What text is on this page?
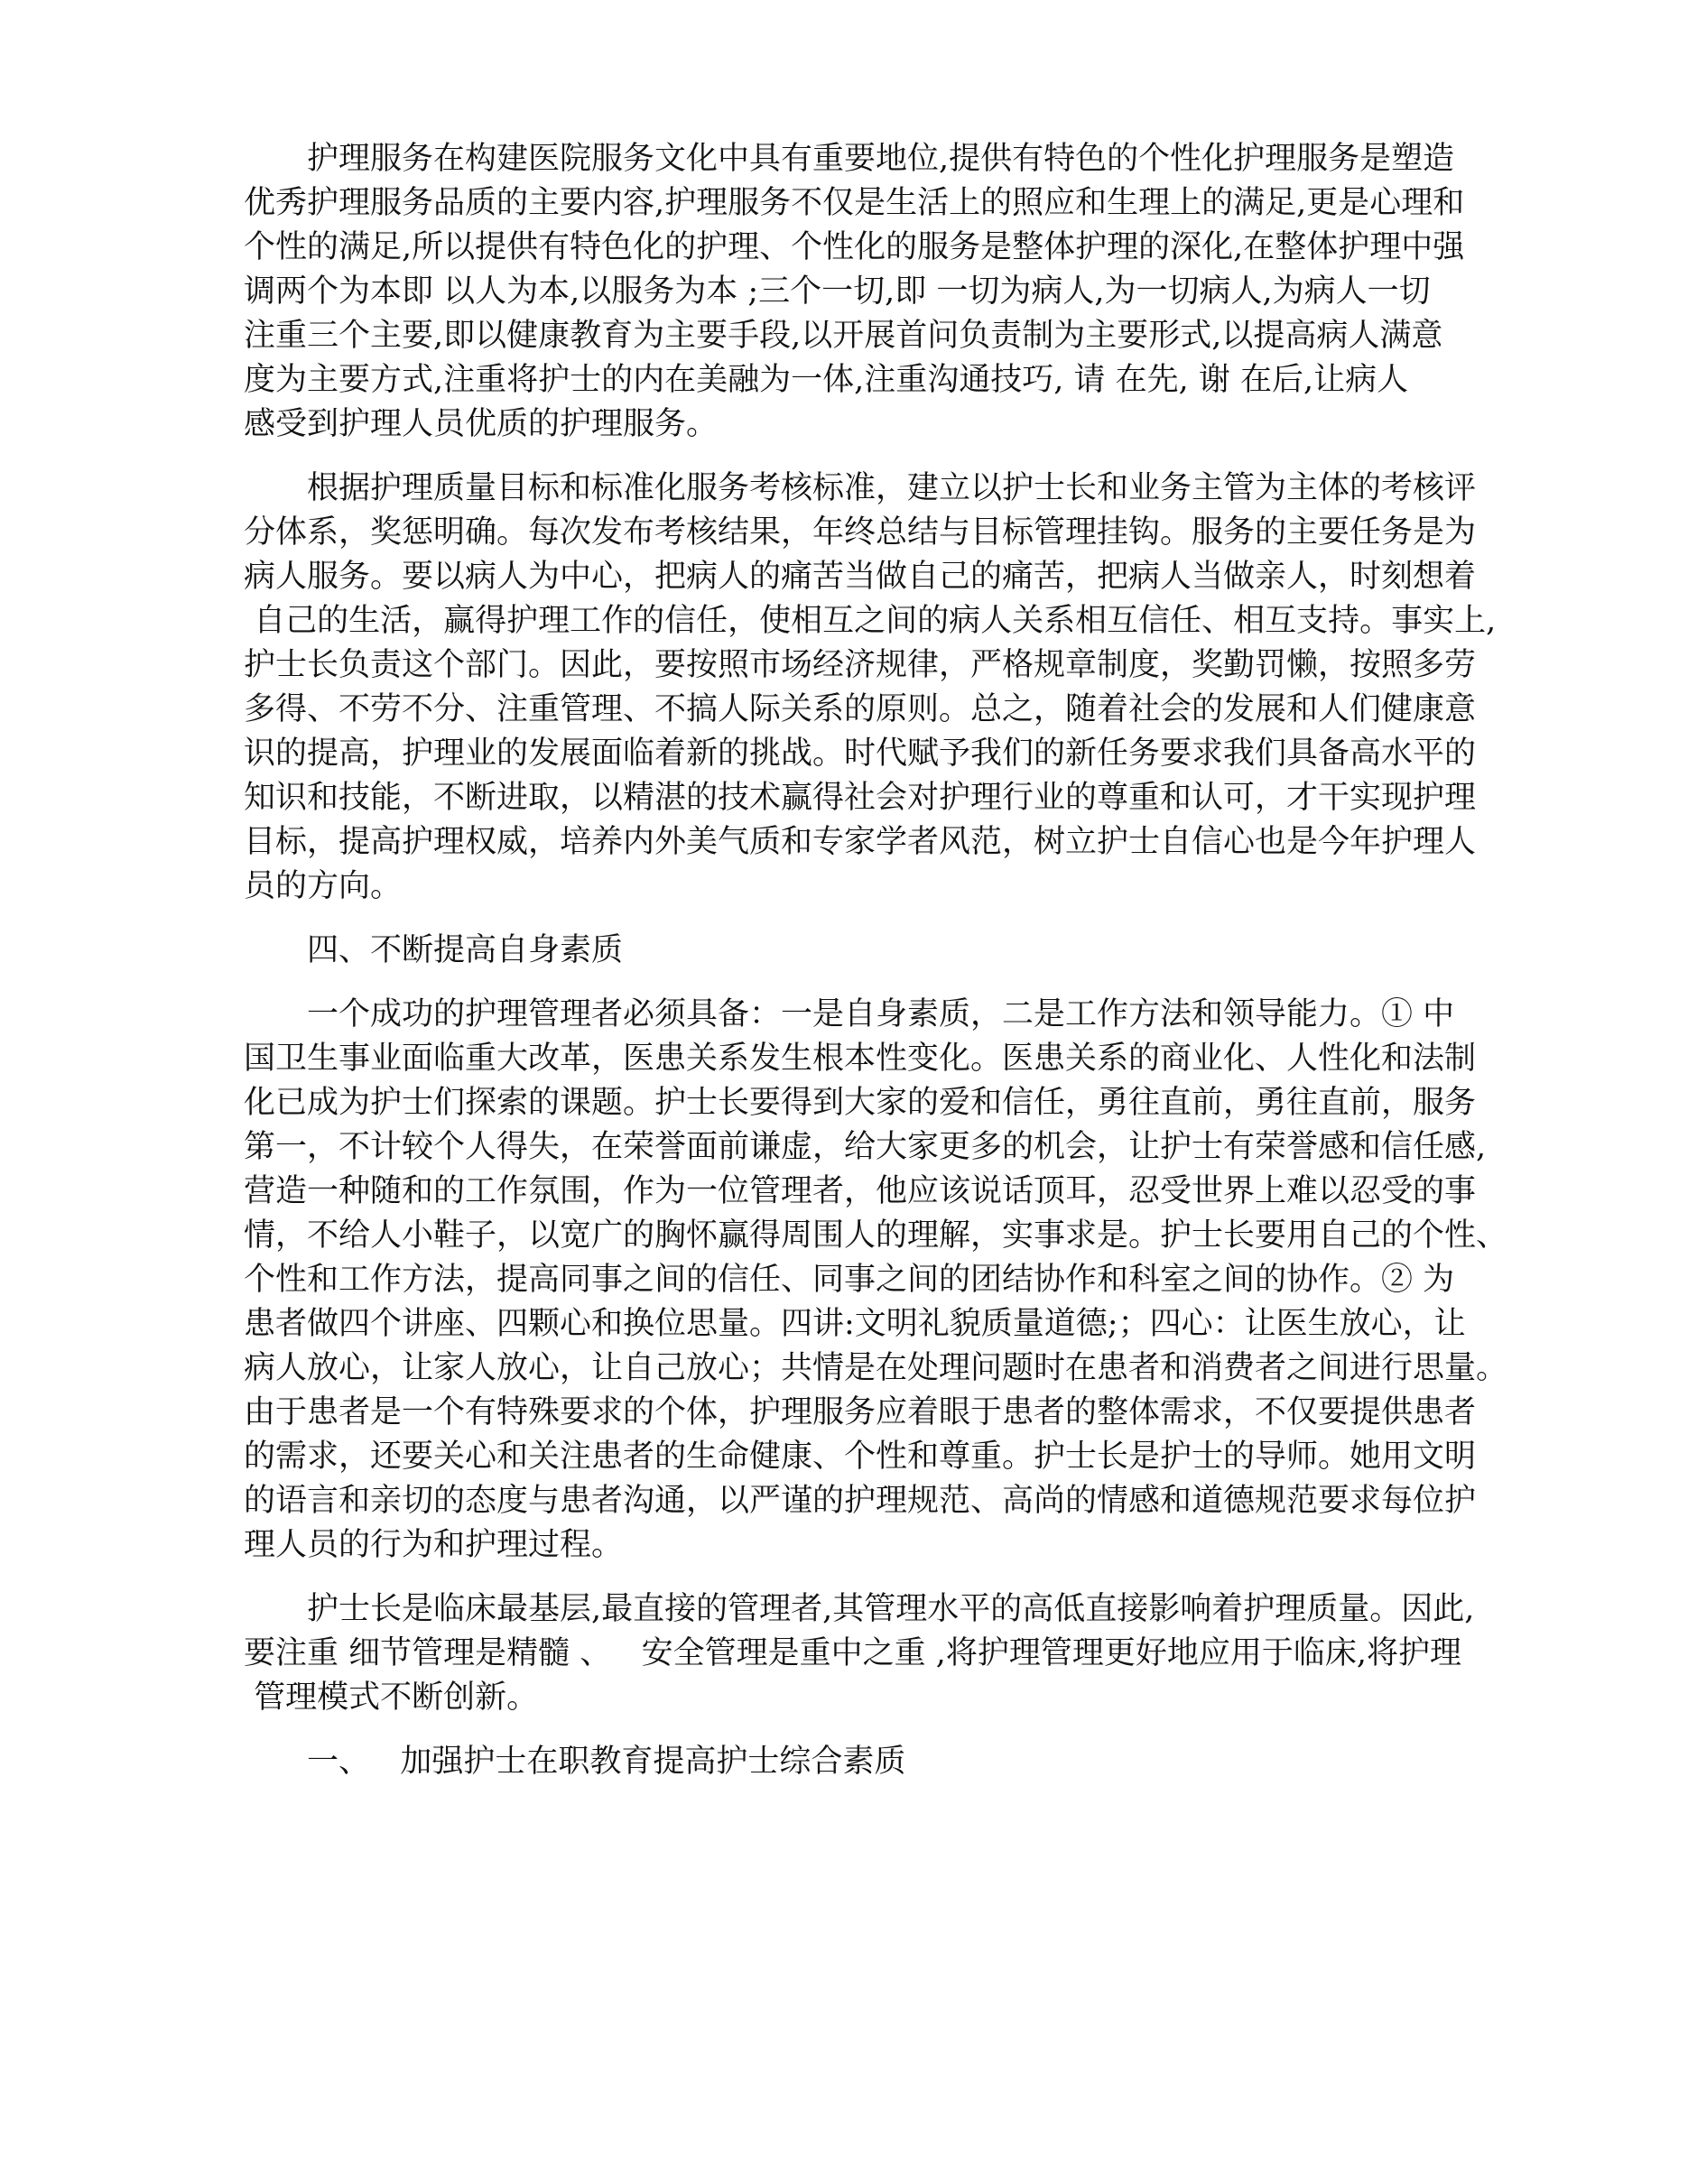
护理服务在构建医院服务文化中具有重要地位,提供有特色的个性化护理服务是塑造
优秀护理服务品质的主要内容,护理服务不仅是生活上的照应和生理上的满足,更是心理和
个性的满足,所以提供有特色化的护理、个性化的服务是整体护理的深化,在整体护理中强
调两个为本即 以人为本,以服务为本 ;三个一切,即 一切为病人,为一切病人,为病人一切
注重三个主要,即以健康教育为主要手段,以开展首问负责制为主要形式,以提高病人满意
度为主要方式,注重将护士的内在美融为一体,注重沟通技巧, 请 在先, 谢 在后,让病人
感受到护理人员优质的护理服务。
根据护理质量目标和标准化服务考核标准，建立以护士长和业务主管为主体的考核评
分体系，奖惩明确。每次发布考核结果，年终总结与目标管理挂钩。服务的主要任务是为
病人服务。要以病人为中心，把病人的痛苦当做自己的痛苦，把病人当做亲人，时刻想着
自己的生活，赢得护理工作的信任，使相互之间的病人关系相互信任、相互支持。事实上,
护士长负责这个部门。因此，要按照市场经济规律，严格规章制度，奖勤罚懒，按照多劳
多得、不劳不分、注重管理、不搞人际关系的原则。总之，随着社会的发展和人们健康意
识的提高，护理业的发展面临着新的挑战。时代赋予我们的新任务要求我们具备高水平的
知识和技能，不断进取，以精湛的技术赢得社会对护理行业的尊重和认可，才干实现护理
目标，提高护理权威，培养内外美气质和专家学者风范，树立护士自信心也是今年护理人
员的方向。
四、不断提高自身素质
一个成功的护理管理者必须具备：一是自身素质，二是工作方法和领导能力。① 中
国卫生事业面临重大改革，医患关系发生根本性变化。医患关系的商业化、人性化和法制
化已成为护士们探索的课题。护士长要得到大家的爱和信任，勇往直前，勇往直前，服务
第一，不计较个人得失，在荣誉面前谦虚，给大家更多的机会，让护士有荣誉感和信任感,
营造一种随和的工作氛围，作为一位管理者，他应该说话顶耳，忍受世界上难以忍受的事
情，不给人小鞋子，以宽广的胸怀赢得周围人的理解，实事求是。护士长要用自己的个性、
个性和工作方法，提高同事之间的信任、同事之间的团结协作和科室之间的协作。② 为
患者做四个讲座、四颗心和换位思量。四讲:文明礼貌质量道德;；四心：让医生放心，让
病人放心，让家人放心，让自己放心；共情是在处理问题时在患者和消费者之间进行思量。
由于患者是一个有特殊要求的个体，护理服务应着眼于患者的整体需求，不仅要提供患者
的需求，还要关心和关注患者的生命健康、个性和尊重。护士长是护士的导师。她用文明
的语言和亲切的态度与患者沟通，以严谨的护理规范、高尚的情感和道德规范要求每位护
理人员的行为和护理过程。
护士长是临床最基层,最直接的管理者,其管理水平的高低直接影响着护理质量。因此,
要注重 细节管理是精髓 、   安全管理是重中之重 ,将护理管理更好地应用于临床,将护理
管理模式不断创新。
一、   加强护士在职教育提高护士综合素质
